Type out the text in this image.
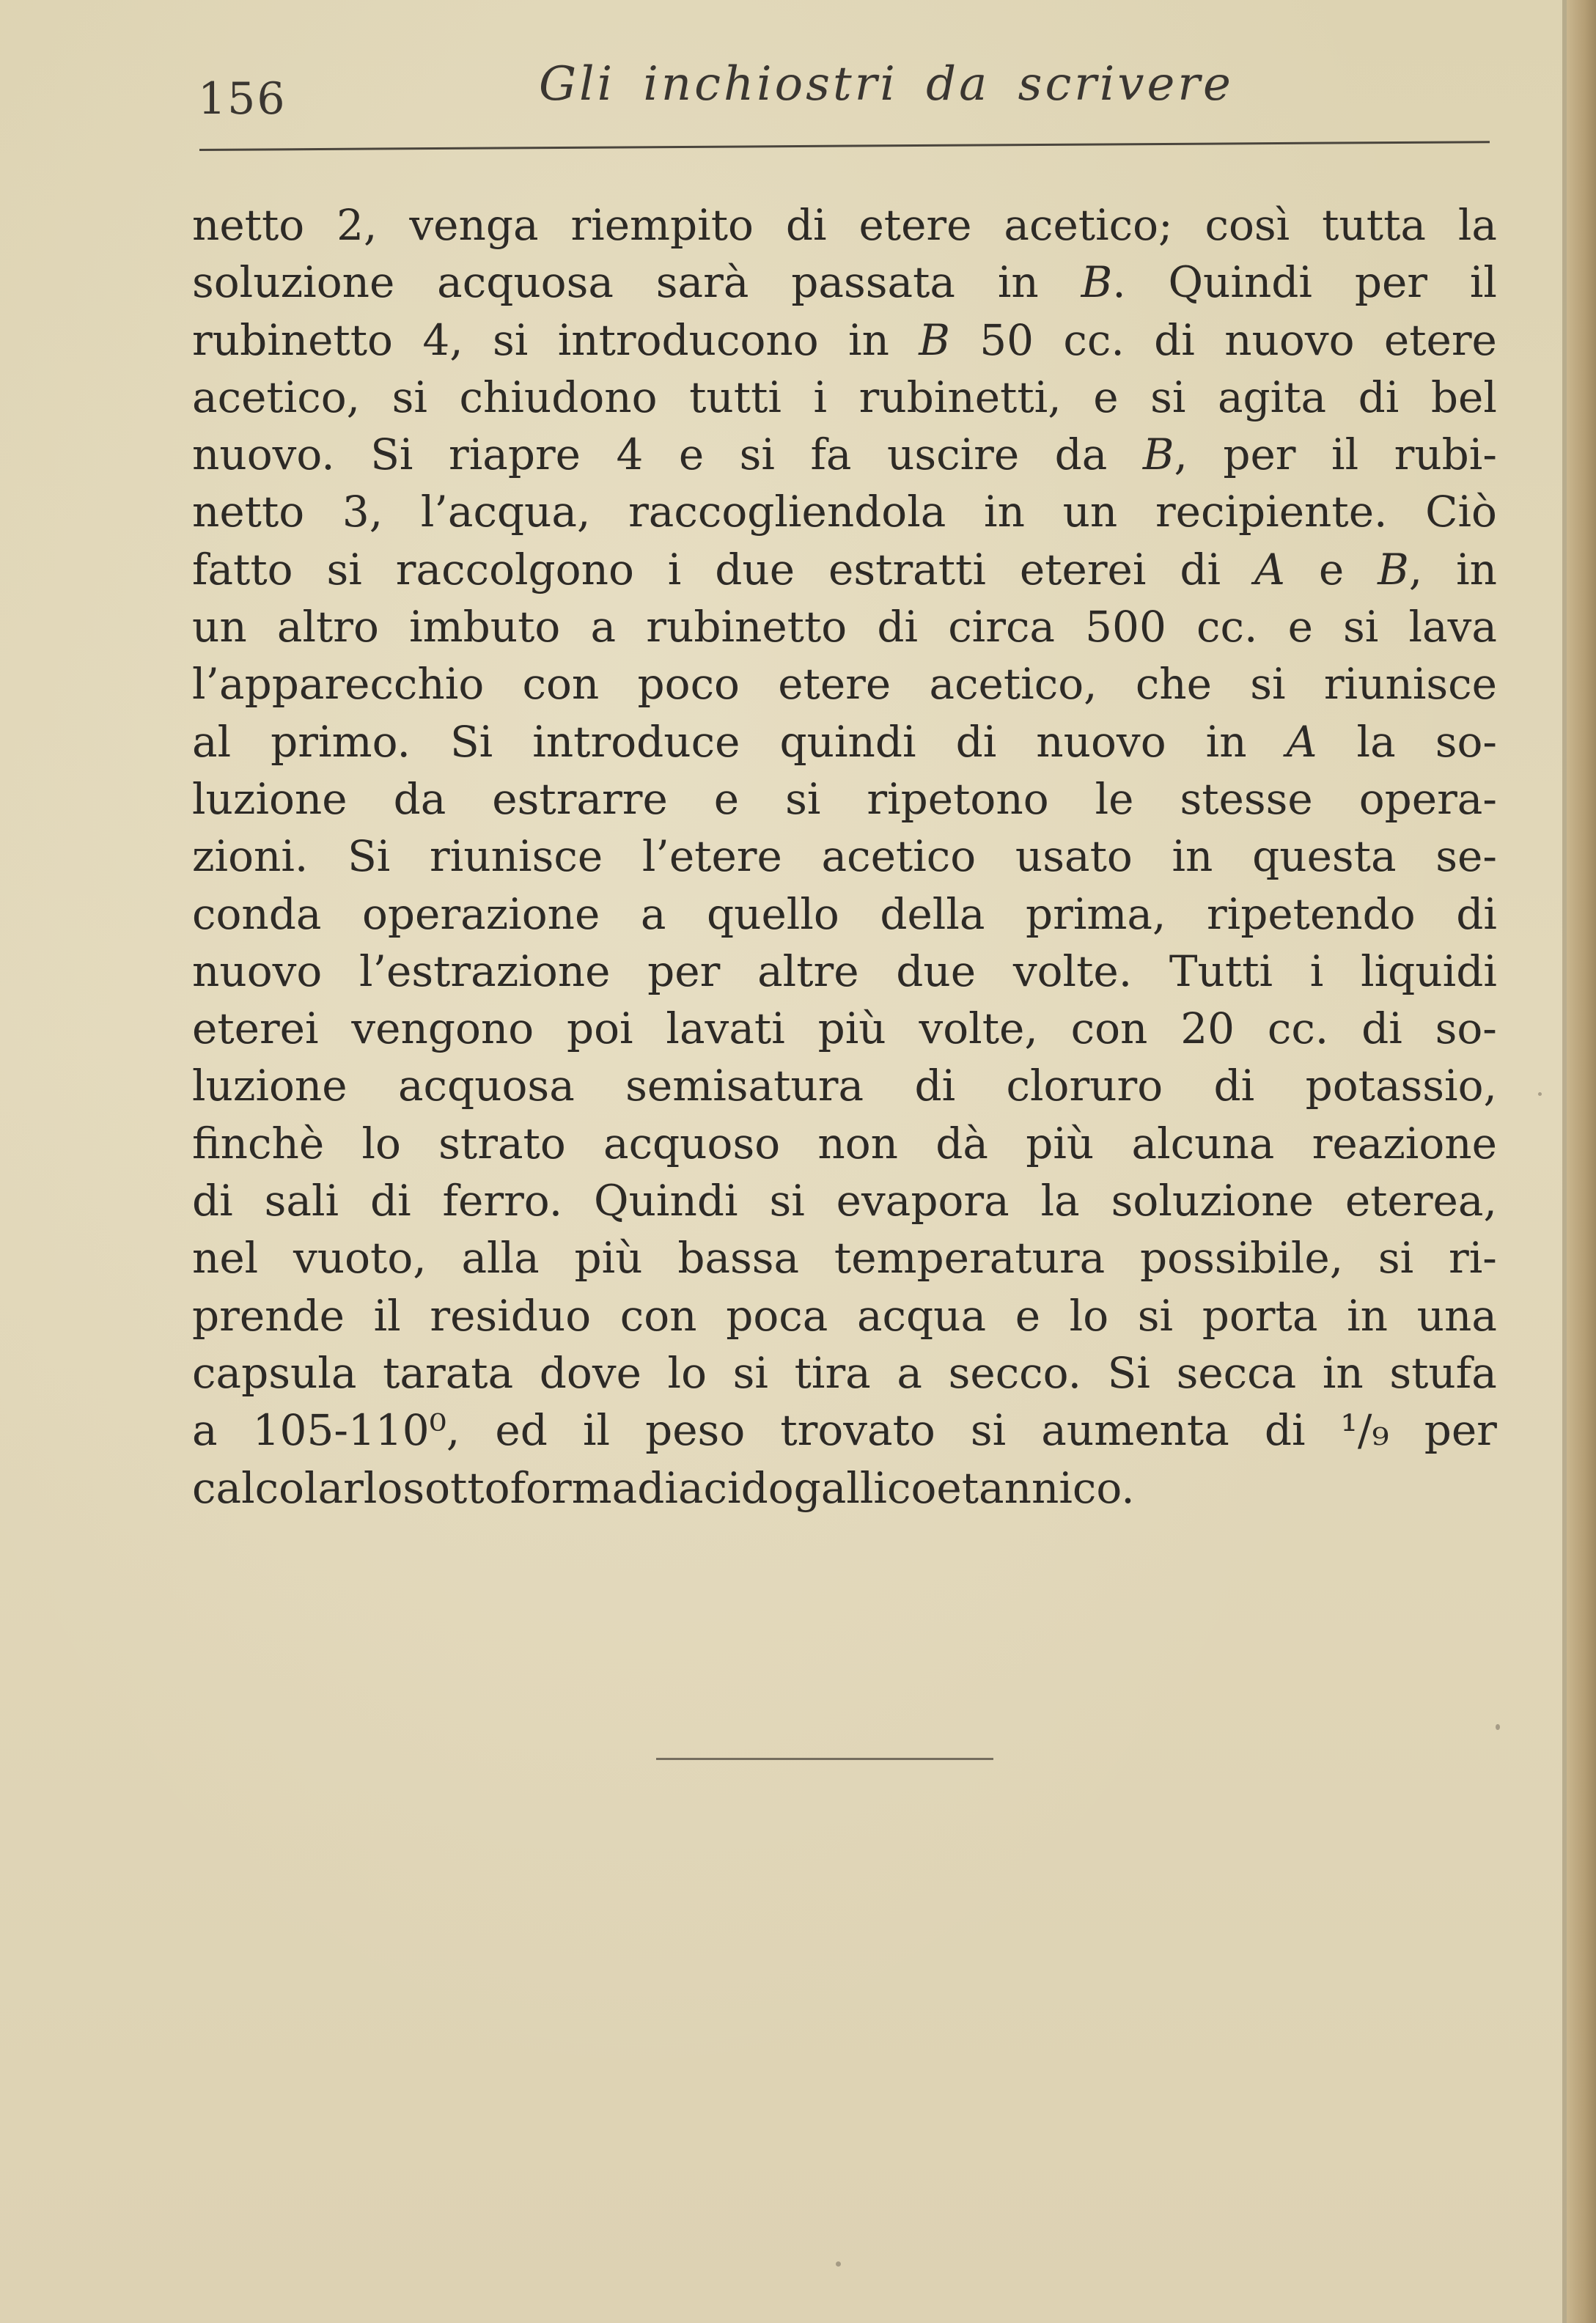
156	Gli inchiostri da scrivere
netto 2, venga riempito di etere acetico; così tutta la
soluzione acquosa sarà passata in B. Quindi per il
rubinetto 4, si introducono in B 50 cc. di nuovo etere
acetico, si chiudono tutti i rubinetti, e si agita di bel
nuovo. Si riapre 4 e si fa uscire da B, per il rubi-
netto 3, l’acqua, raccogliendola in un recipiente. Ciò
fatto si raccolgono i due estratti eterei di A e B, in
un altro imbuto a rubinetto di circa 500 cc. e si lava
l’apparecchio con poco etere acetico, che si riunisce
al primo. Si introduce quindi di nuovo in A la so-
luzione da estrarre e si ripetono le stesse opera-
zioni. Si riunisce l’etere acetico usato in questa se-
conda operazione a quello della prima, ripetendo di
nuovo l’estrazione per altre due volte. Tutti i liquidi
eterei vengono poi lavati più volte, con 20 cc. di so-
luzione acquosa semisatura di cloruro di potassio,
finchè lo strato acquoso non dà più alcuna reazione
di sali di ferro. Quindi si evapora la soluzione eterea,
nel vuoto, alla più bassa temperatura possibile, si ri-
prende il residuo con poca acqua e lo si porta in una
capsula tarata dove lo si tira a secco. Si secca in stufa
a 105-110⁰, ed il peso trovato si aumenta di ¹/₉ per
calcolarlo sotto forma di acido gallico e tannico.
